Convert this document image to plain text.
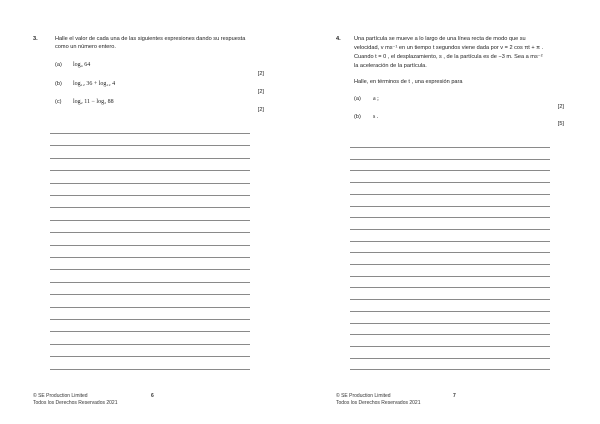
3.	Halle el valor de cada una de las siguientes expresiones dando su respuesta
como un número entero.
(a) log₄ 64
[2]
(b) log₁₂ 36 + log₁₂ 4
[2]
(c) log₂ 11 − log₂ 88
[2]
© SE Production Limited
Todos los Derechos Reservados 2021
6
4. Una partícula se mueve a lo largo de una línea recta de modo que su
velocidad, v ms⁻¹ en un tiempo t segundos viene dada por v = 2 cos πt + π .
Cuando t = 0 , el desplazamiento, s , de la partícula es de −3 m. Sea a ms⁻²
la aceleración de la partícula.
Halle, en términos de t , una expresión para
(a) a ;
[2]
(b) s .
[5]
© SE Production Limited
Todos los Derechos Reservados 2021
7
